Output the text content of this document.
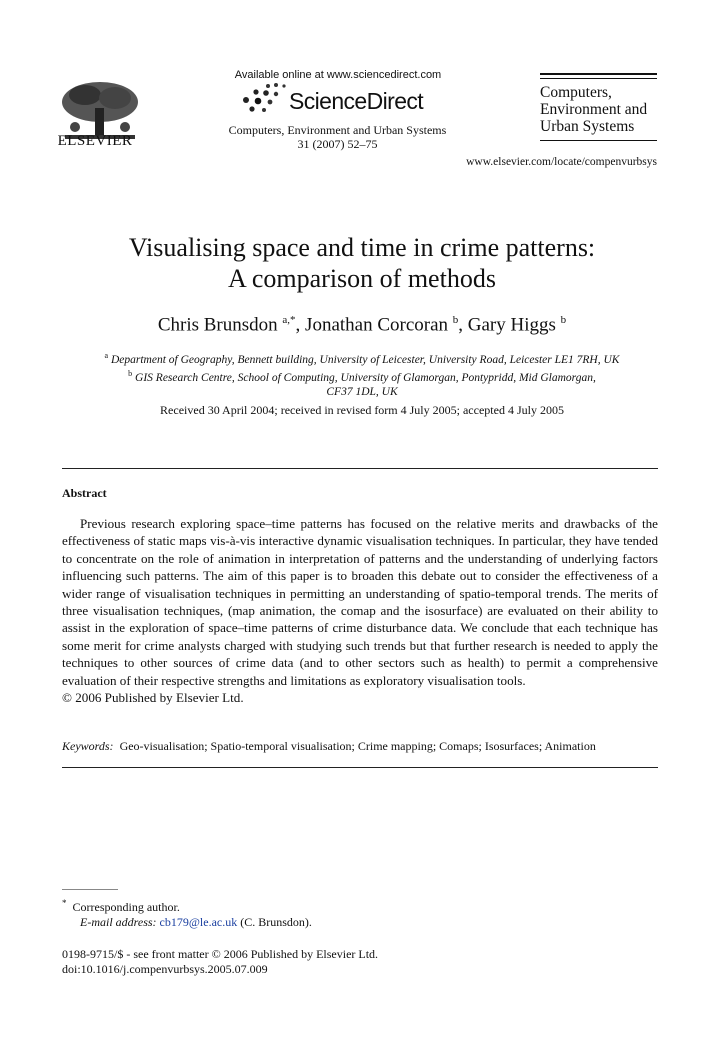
ELSEVIER
Available online at www.sciencedirect.com
ScienceDirect
Computers, Environment and Urban Systems
31 (2007) 52–75
Computers,
Environment and
Urban Systems
www.elsevier.com/locate/compenvurbsys
Visualising space and time in crime patterns:
A comparison of methods
Chris Brunsdon $^{a,*}$, Jonathan Corcoran $^b$, Gary Higgs $^b$
$^a$ Department of Geography, Bennett building, University of Leicester, University Road, Leicester LE1 7RH, UK
$^b$ GIS Research Centre, School of Computing, University of Glamorgan, Pontypridd, Mid Glamorgan,
CF37 1DL, UK
Received 30 April 2004; received in revised form 4 July 2005; accepted 4 July 2005
Abstract

Previous research exploring space–time patterns has focused on the relative merits and drawbacks of the effectiveness of static maps vis-à-vis interactive dynamic visualisation techniques. In particular, they have tended to concentrate on the role of animation in interpretation of patterns and the understanding of underlying factors influencing such patterns. The aim of this paper is to broaden this debate out to consider the effectiveness of a wider range of visualisation techniques in permitting an understanding of spatio-temporal trends. The merits of three visualisation techniques, (map animation, the comap and the isosurface) are evaluated on their ability to assist in the exploration of space–time patterns of crime disturbance data. We conclude that each technique has some merit for crime analysts charged with studying such trends but that further research is needed to apply the techniques to other sources of crime data (and to other sectors such as health) to permit a comprehensive evaluation of their respective strengths and limitations as exploratory visualisation tools.

© 2006 Published by Elsevier Ltd.
Keywords: Geo-visualisation; Spatio-temporal visualisation; Crime mapping; Comaps; Isosurfaces; Animation
* Corresponding author.
E-mail address: cb179@le.ac.uk (C. Brunsdon).
0198-9715/$ - see front matter © 2006 Published by Elsevier Ltd.
doi:10.1016/j.compenvurbsys.2005.07.009
